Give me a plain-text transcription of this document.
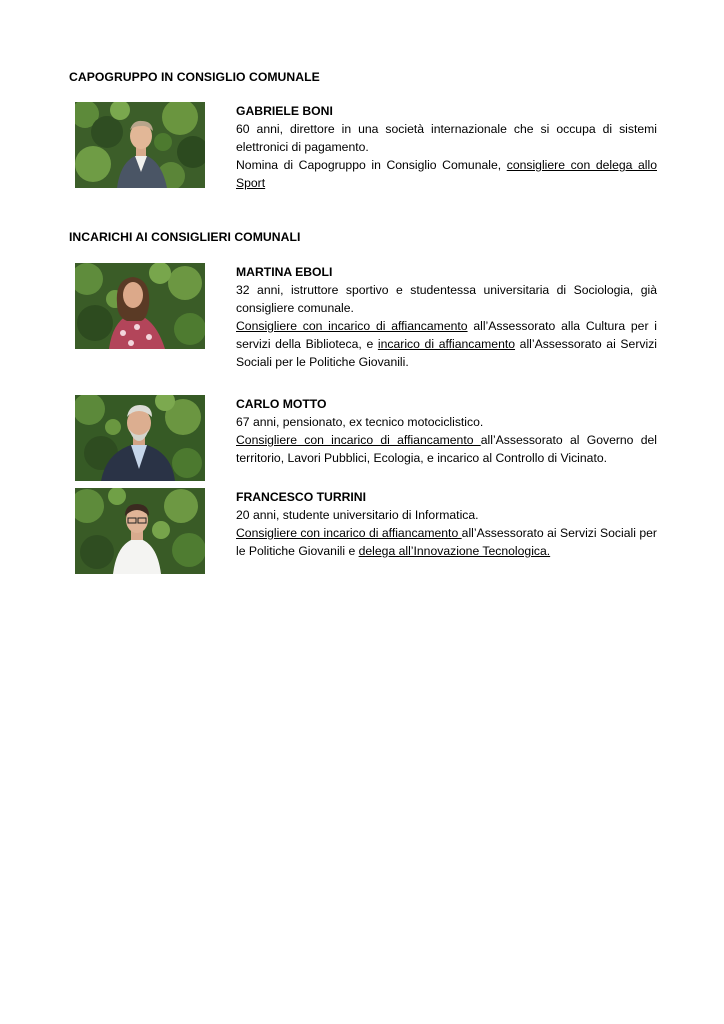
CAPOGRUPPO IN CONSIGLIO COMUNALE
GABRIELE BONI
60 anni, direttore in una società internazionale che si occupa di sistemi elettronici di pagamento.
Nomina di Capogruppo in Consiglio Comunale, consigliere con delega allo Sport
INCARICHI AI CONSIGLIERI COMUNALI
MARTINA EBOLI
32 anni, istruttore sportivo e studentessa universitaria di Sociologia, già consigliere comunale.
Consigliere con incarico di affiancamento all’Assessorato alla Cultura per i servizi della Biblioteca, e incarico di affiancamento all’Assessorato ai Servizi Sociali per le Politiche Giovanili.
CARLO MOTTO
67 anni, pensionato, ex tecnico motociclistico.
Consigliere con incarico di affiancamento all’Assessorato al Governo del territorio, Lavori Pubblici, Ecologia, e incarico al Controllo di Vicinato.
FRANCESCO TURRINI
20 anni, studente universitario di Informatica.
Consigliere con incarico di affiancamento all’Assessorato ai Servizi Sociali per le Politiche Giovanili e delega all’Innovazione Tecnologica.
